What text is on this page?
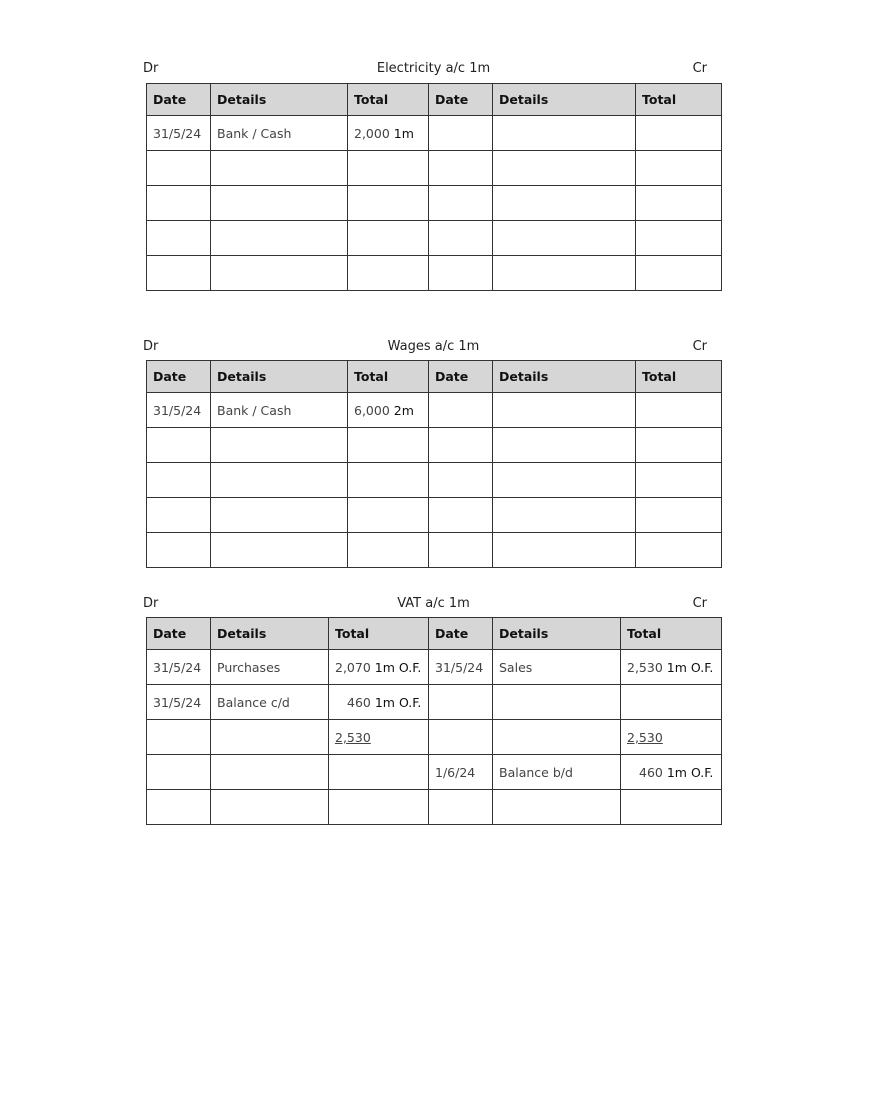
Dr	Electricity a/c 1m	Cr
Date	Details	Total	Date	Details	Total
31/5/24	Bank / Cash	2,000 1m			

Dr	Wages a/c 1m	Cr
Date	Details	Total	Date	Details	Total
31/5/24	Bank / Cash	6,000 2m			

Dr	VAT a/c 1m	Cr
Date	Details	Total	Date	Details	Total
31/5/24	Purchases	2,070 1m O.F.	31/5/24	Sales	2,530 1m O.F.
31/5/24	Balance c/d	460 1m O.F.			
		2,530			2,530
			1/6/24	Balance b/d	460 1m O.F.
